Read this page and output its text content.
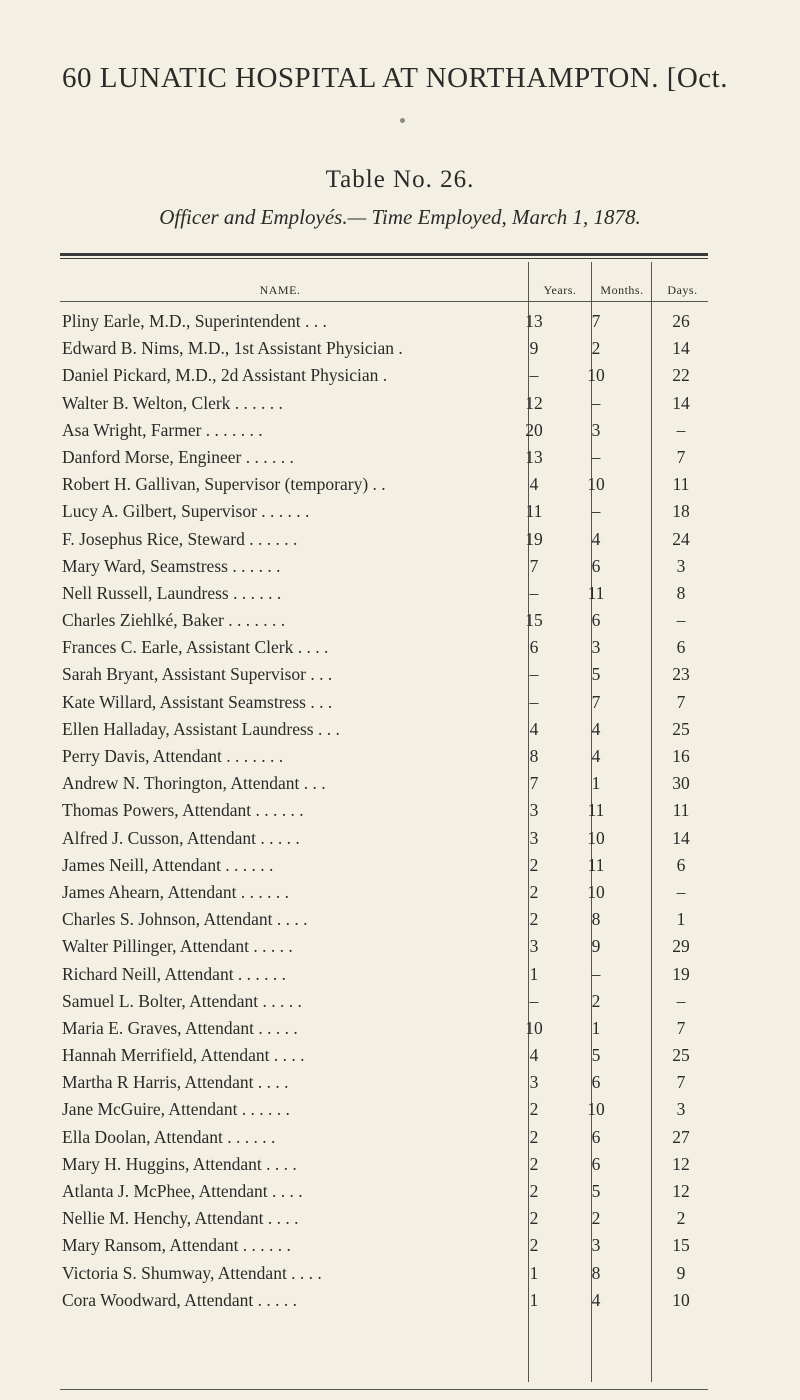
60 LUNATIC HOSPITAL AT NORTHAMPTON. [Oct.
Table No. 26.
Officer and Employés.— Time Employed, March 1, 1878.
NAME.	Years.	Months.	Days.
Pliny Earle, M.D., Superintendent . . .	13	7	26
Edward B. Nims, M.D., 1st Assistant Physician .	9	2	14
Daniel Pickard, M.D., 2d Assistant Physician .	–	10	22
Walter B. Welton, Clerk . . . . . .	12	–	14
Asa Wright, Farmer . . . . . . .	20	3	–
Danford Morse, Engineer . . . . . .	13	–	7
Robert H. Gallivan, Supervisor (temporary) . .	4	10	11
Lucy A. Gilbert, Supervisor . . . . . .	11	–	18
F. Josephus Rice, Steward . . . . . .	19	4	24
Mary Ward, Seamstress . . . . . .	7	6	3
Nell Russell, Laundress . . . . . .	–	11	8
Charles Ziehlké, Baker . . . . . . .	15	6	–
Frances C. Earle, Assistant Clerk . . . .	6	3	6
Sarah Bryant, Assistant Supervisor . . .	–	5	23
Kate Willard, Assistant Seamstress . . .	–	7	7
Ellen Halladay, Assistant Laundress . . .	4	4	25
Perry Davis, Attendant . . . . . . .	8	4	16
Andrew N. Thorington, Attendant . . .	7	1	30
Thomas Powers, Attendant . . . . . .	3	11	11
Alfred J. Cusson, Attendant . . . . .	3	10	14
James Neill, Attendant . . . . . .	2	11	6
James Ahearn, Attendant . . . . . .	2	10	–
Charles S. Johnson, Attendant . . . .	2	8	1
Walter Pillinger, Attendant . . . . .	3	9	29
Richard Neill, Attendant . . . . . .	1	–	19
Samuel L. Bolter, Attendant . . . . .	–	2	–
Maria E. Graves, Attendant . . . . .	10	1	7
Hannah Merrifield, Attendant . . . .	4	5	25
Martha R Harris, Attendant . . . .	3	6	7
Jane McGuire, Attendant . . . . . .	2	10	3
Ella Doolan, Attendant . . . . . .	2	6	27
Mary H. Huggins, Attendant . . . .	2	6	12
Atlanta J. McPhee, Attendant . . . .	2	5	12
Nellie M. Henchy, Attendant . . . .	2	2	2
Mary Ransom, Attendant . . . . . .	2	3	15
Victoria S. Shumway, Attendant . . . .	1	8	9
Cora Woodward, Attendant . . . . .	1	4	10
